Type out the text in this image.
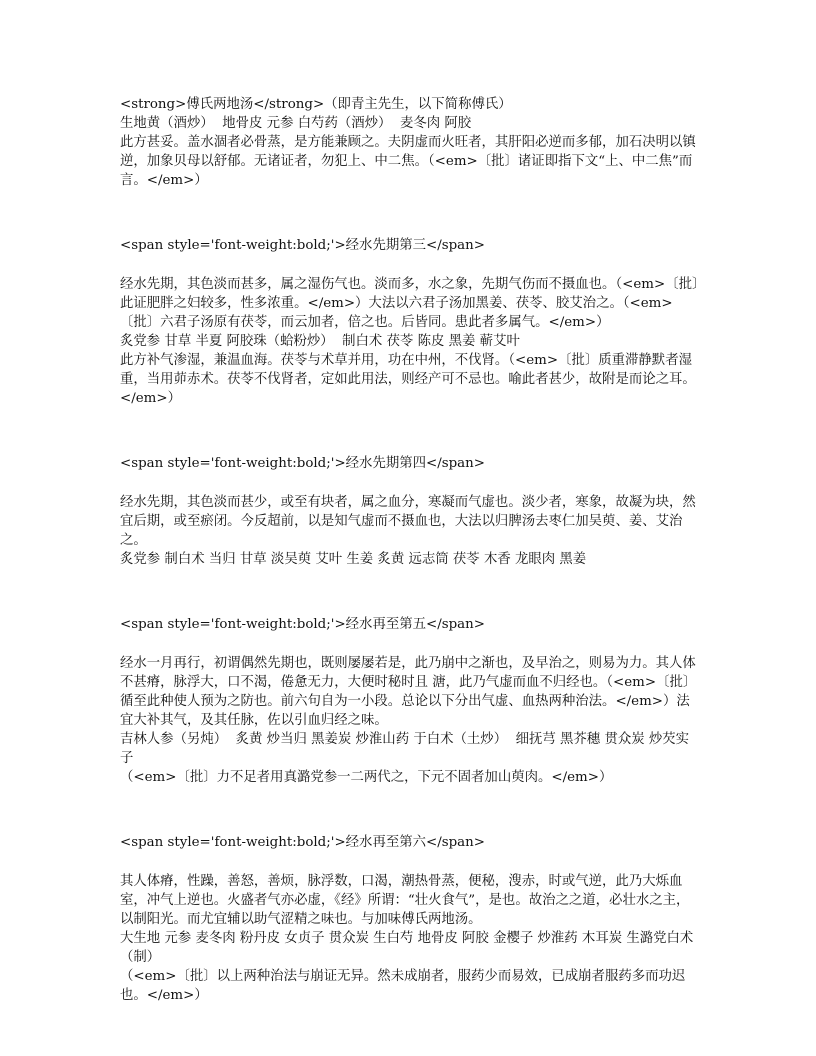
<strong>傅氏两地汤</strong>（即青主先生，以下简称傅氏）

生地黄（酒炒）  地骨皮 元参 白芍药（酒炒）  麦冬肉 阿胶

此方甚妥。盖水涸者必骨蒸，是方能兼顾之。夫阴虚而火旺者，其肝阳必逆而多郁，加石决明以镇逆，加象贝母以舒郁。无诸证者，勿犯上、中二焦。（<em>〔批〕诸证即指下文“上、中二焦”而言。</em>）

<span style='font-weight:bold;'>经水先期第三</span>

经水先期，其色淡而甚多，属之湿伤气也。淡而多，水之象，先期气伤而不摄血也。（<em>〔批〕此证肥胖之妇较多，性多浓重。</em>）大法以六君子汤加黑姜、茯苓、胶艾治之。（<em>〔批〕六君子汤原有茯苓，而云加者，倍之也。后皆同。患此者多属气。</em>）

炙党参 甘草 半夏 阿胶珠（蛤粉炒）  制白术 茯苓 陈皮 黑姜 蕲艾叶

此方补气渗湿，兼温血海。茯苓与术草并用，功在中州，不伐肾。（<em>〔批〕质重滞静默者湿重，当用茆赤术。茯苓不伐肾者，定如此用法，则经产可不忌也。喻此者甚少，故附是而论之耳。</em>）

<span style='font-weight:bold;'>经水先期第四</span>

经水先期，其色淡而甚少，或至有块者，属之血分，寒凝而气虚也。淡少者，寒象，故凝为块，然宜后期，或至瘀闭。今反超前，以是知气虚而不摄血也，大法以归脾汤去枣仁加吴萸、姜、艾治之。

炙党参 制白术 当归 甘草 淡吴萸 艾叶 生姜 炙黄 远志筒 茯苓 木香 龙眼肉 黑姜

<span style='font-weight:bold;'>经水再至第五</span>

经水一月再行，初谓偶然先期也，既则屡屡若是，此乃崩中之渐也，及早治之，则易为力。其人体不甚瘠，脉浮大，口不渴，倦惫无力，大便时秘时且 溏，此乃气虚而血不归经也。（<em>〔批〕循至此种使人预为之防也。前六句自为一小段。总论以下分出气虚、血热两种治法。</em>）法宜大补其气，及其任脉，佐以引血归经之味。

吉林人参（另炖）  炙黄 炒当归 黑姜炭 炒淮山药 于白术（土炒）  细抚芎 黑芥穗 贯众炭 炒芡实子

（<em>〔批〕力不足者用真潞党参一二两代之，下元不固者加山萸肉。</em>）

<span style='font-weight:bold;'>经水再至第六</span>

其人体瘠，性躁，善怒，善烦，脉浮数，口渴，潮热骨蒸，便秘，溲赤，时或气逆，此乃大烁血室，冲气上逆也。火盛者气亦必虚，《经》所谓：“壮火食气”，是也。故治之之道，必壮水之主，以制阳光。而尤宜辅以助气涩精之味也。与加味傅氏两地汤。

大生地 元参 麦冬肉 粉丹皮 女贞子 贯众炭 生白芍 地骨皮 阿胶 金樱子 炒淮药 木耳炭 生潞党白术（制）

（<em>〔批〕以上两种治法与崩证无异。然未成崩者，服药少而易效，已成崩者服药多而功迟也。</em>）
